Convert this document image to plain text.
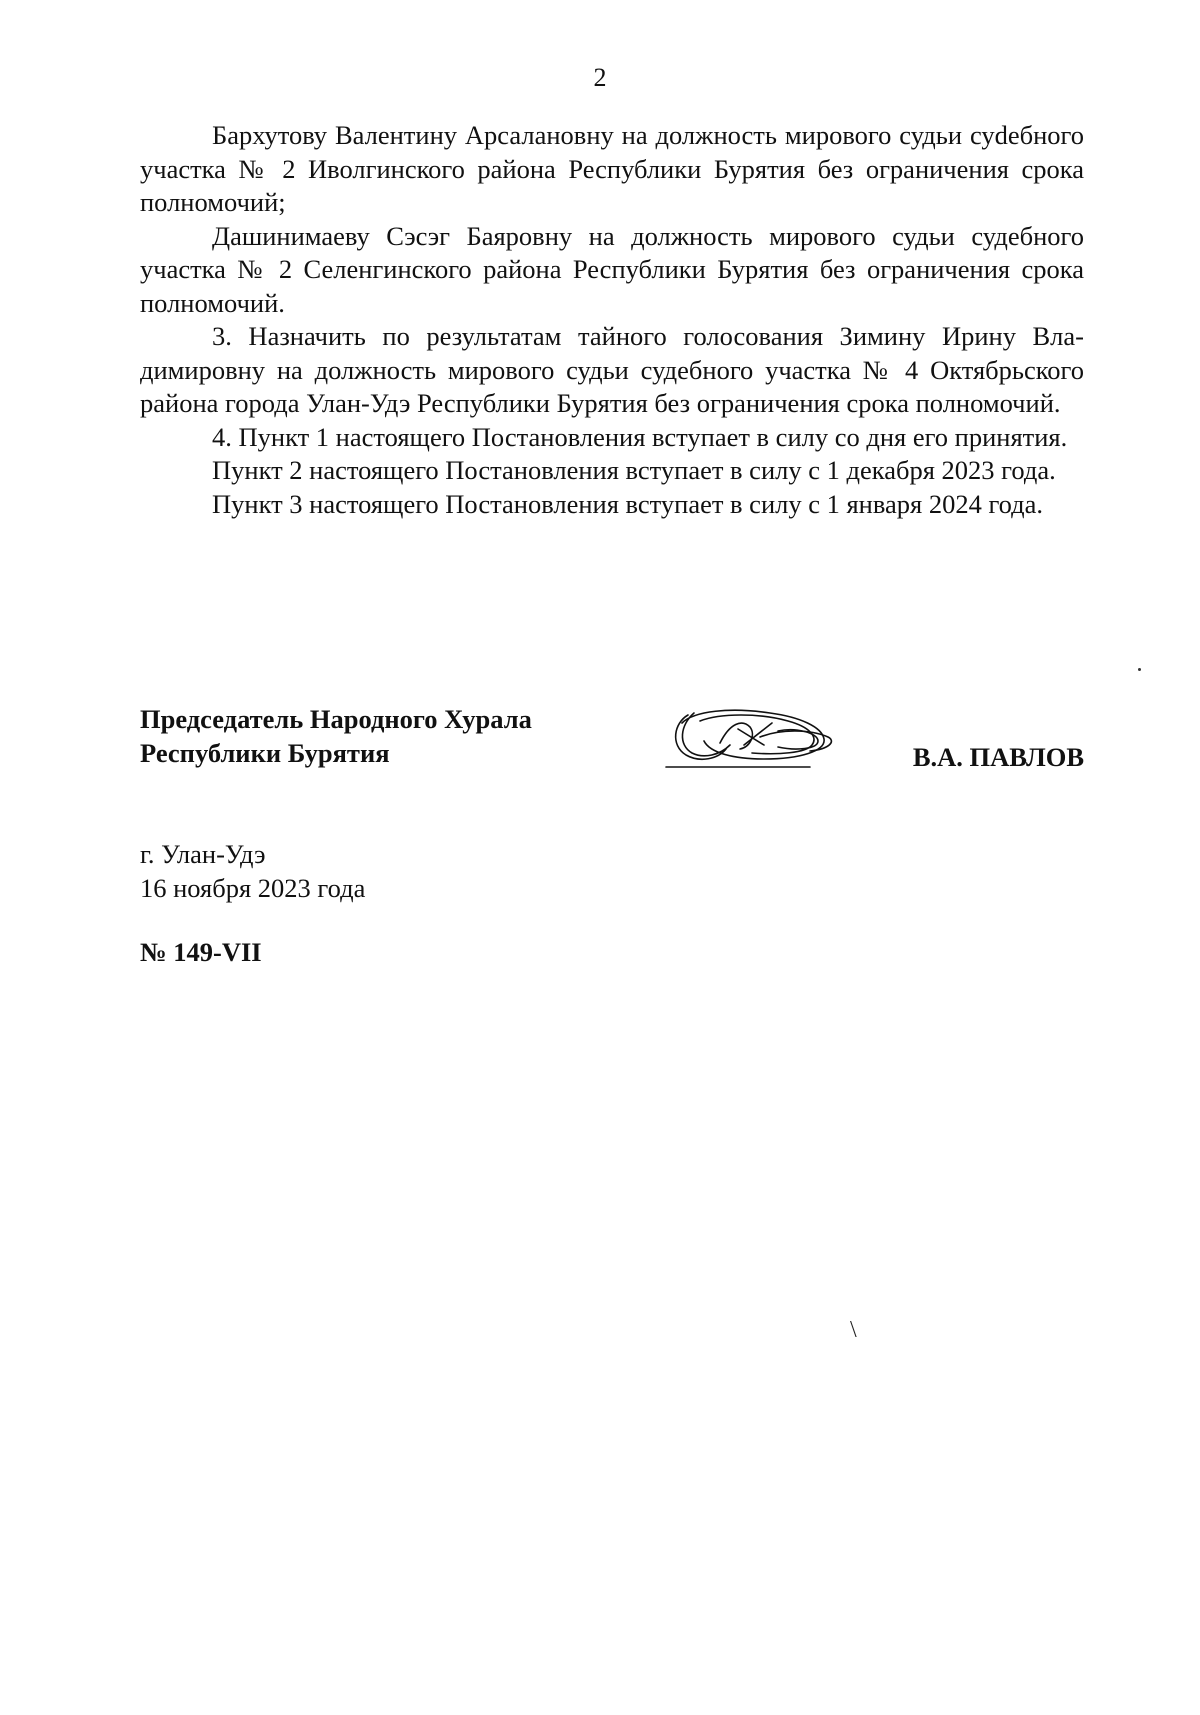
2

Бархутову Валентину Арсалановну на должность мирового судьи суdебного участка № 2 Иволгинского района Республики Бурятия без ограничения срока полномочий;

Дашинимаеву Сэсэг Баяровну на должность мирового судьи судебного участка № 2 Селенгинского района Республики Бурятия без ограничения срока полномочий.

3. Назначить по результатам тайного голосования Зимину Ирину Владимировну на должность мирового судьи судебного участка № 4 Октябрьского района города Улан-Удэ Республики Бурятия без ограничения срока полномочий.

4. Пункт 1 настоящего Постановления вступает в силу со дня его принятия.

Пункт 2 настоящего Постановления вступает в силу с 1 декабря 2023 года.

Пункт 3 настоящего Постановления вступает в силу с 1 января 2024 года.

Председатель Народного Хурала
Республики Бурятия	В.А. ПАВЛОВ
г. Улан-Удэ
16 ноября 2023 года
№ 149-VII
\
